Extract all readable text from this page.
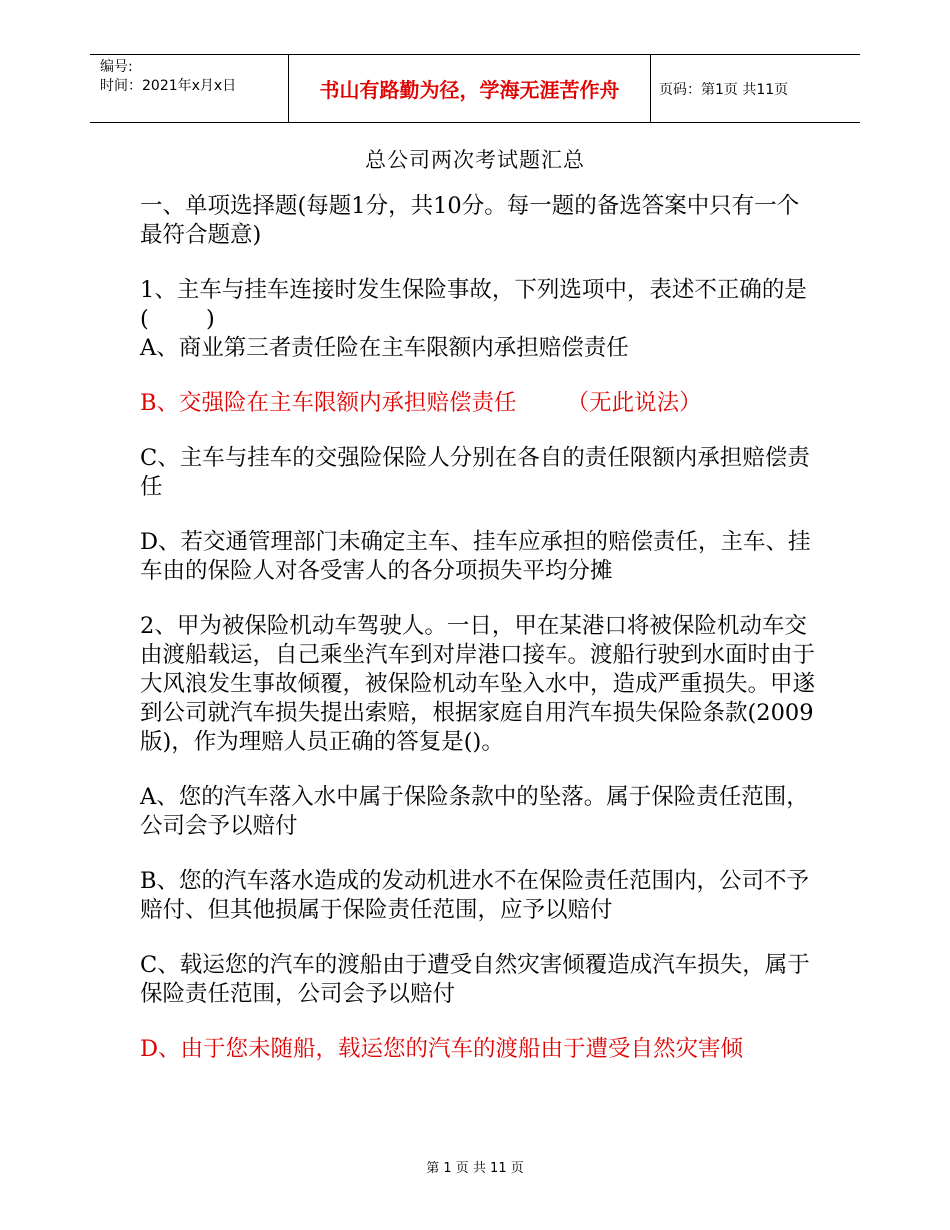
编号:
时间：2021年x月x日	书山有路勤为径，学海无涯苦作舟	页码：第1页 共11页
总公司两次考试题汇总

一、单项选择题(每题1分，共10分。每一题的备选答案中只有一个最符合题意)

1、主车与挂车连接时发生保险事故，下列选项中，表述不正确的是(        )

A、商业第三者责任险在主车限额内承担赔偿责任

B、交强险在主车限额内承担赔偿责任       （无此说法）

C、主车与挂车的交强险保险人分别在各自的责任限额内承担赔偿责任

D、若交通管理部门未确定主车、挂车应承担的赔偿责任，主车、挂车由的保险人对各受害人的各分项损失平均分摊

2、甲为被保险机动车驾驶人。一日，甲在某港口将被保险机动车交由渡船载运，自己乘坐汽车到对岸港口接车。渡船行驶到水面时由于大风浪发生事故倾覆，被保险机动车坠入水中，造成严重损失。甲遂到公司就汽车损失提出索赔，根据家庭自用汽车损失保险条款(2009版)，作为理赔人员正确的答复是()。

A、您的汽车落入水中属于保险条款中的坠落。属于保险责任范围，公司会予以赔付

B、您的汽车落水造成的发动机进水不在保险责任范围内，公司不予赔付、但其他损属于保险责任范围，应予以赔付

C、载运您的汽车的渡船由于遭受自然灾害倾覆造成汽车损失，属于保险责任范围，公司会予以赔付

D、由于您未随船，载运您的汽车的渡船由于遭受自然灾害倾

第 1 页 共 11 页
